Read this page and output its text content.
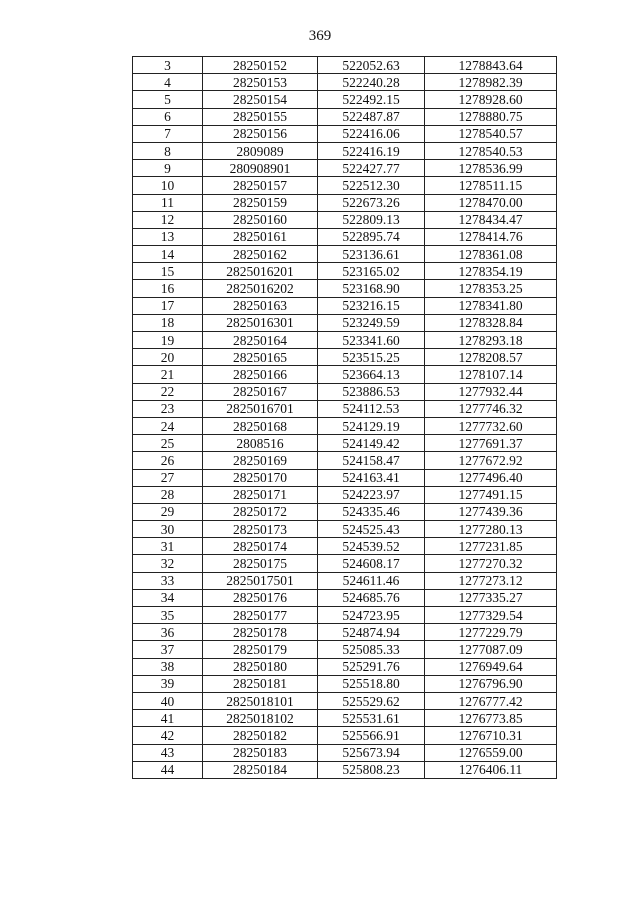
369
3	28250152	522052.63	1278843.64
4	28250153	522240.28	1278982.39
5	28250154	522492.15	1278928.60
6	28250155	522487.87	1278880.75
7	28250156	522416.06	1278540.57
8	2809089	522416.19	1278540.53
9	280908901	522427.77	1278536.99
10	28250157	522512.30	1278511.15
11	28250159	522673.26	1278470.00
12	28250160	522809.13	1278434.47
13	28250161	522895.74	1278414.76
14	28250162	523136.61	1278361.08
15	2825016201	523165.02	1278354.19
16	2825016202	523168.90	1278353.25
17	28250163	523216.15	1278341.80
18	2825016301	523249.59	1278328.84
19	28250164	523341.60	1278293.18
20	28250165	523515.25	1278208.57
21	28250166	523664.13	1278107.14
22	28250167	523886.53	1277932.44
23	2825016701	524112.53	1277746.32
24	28250168	524129.19	1277732.60
25	2808516	524149.42	1277691.37
26	28250169	524158.47	1277672.92
27	28250170	524163.41	1277496.40
28	28250171	524223.97	1277491.15
29	28250172	524335.46	1277439.36
30	28250173	524525.43	1277280.13
31	28250174	524539.52	1277231.85
32	28250175	524608.17	1277270.32
33	2825017501	524611.46	1277273.12
34	28250176	524685.76	1277335.27
35	28250177	524723.95	1277329.54
36	28250178	524874.94	1277229.79
37	28250179	525085.33	1277087.09
38	28250180	525291.76	1276949.64
39	28250181	525518.80	1276796.90
40	2825018101	525529.62	1276777.42
41	2825018102	525531.61	1276773.85
42	28250182	525566.91	1276710.31
43	28250183	525673.94	1276559.00
44	28250184	525808.23	1276406.11
